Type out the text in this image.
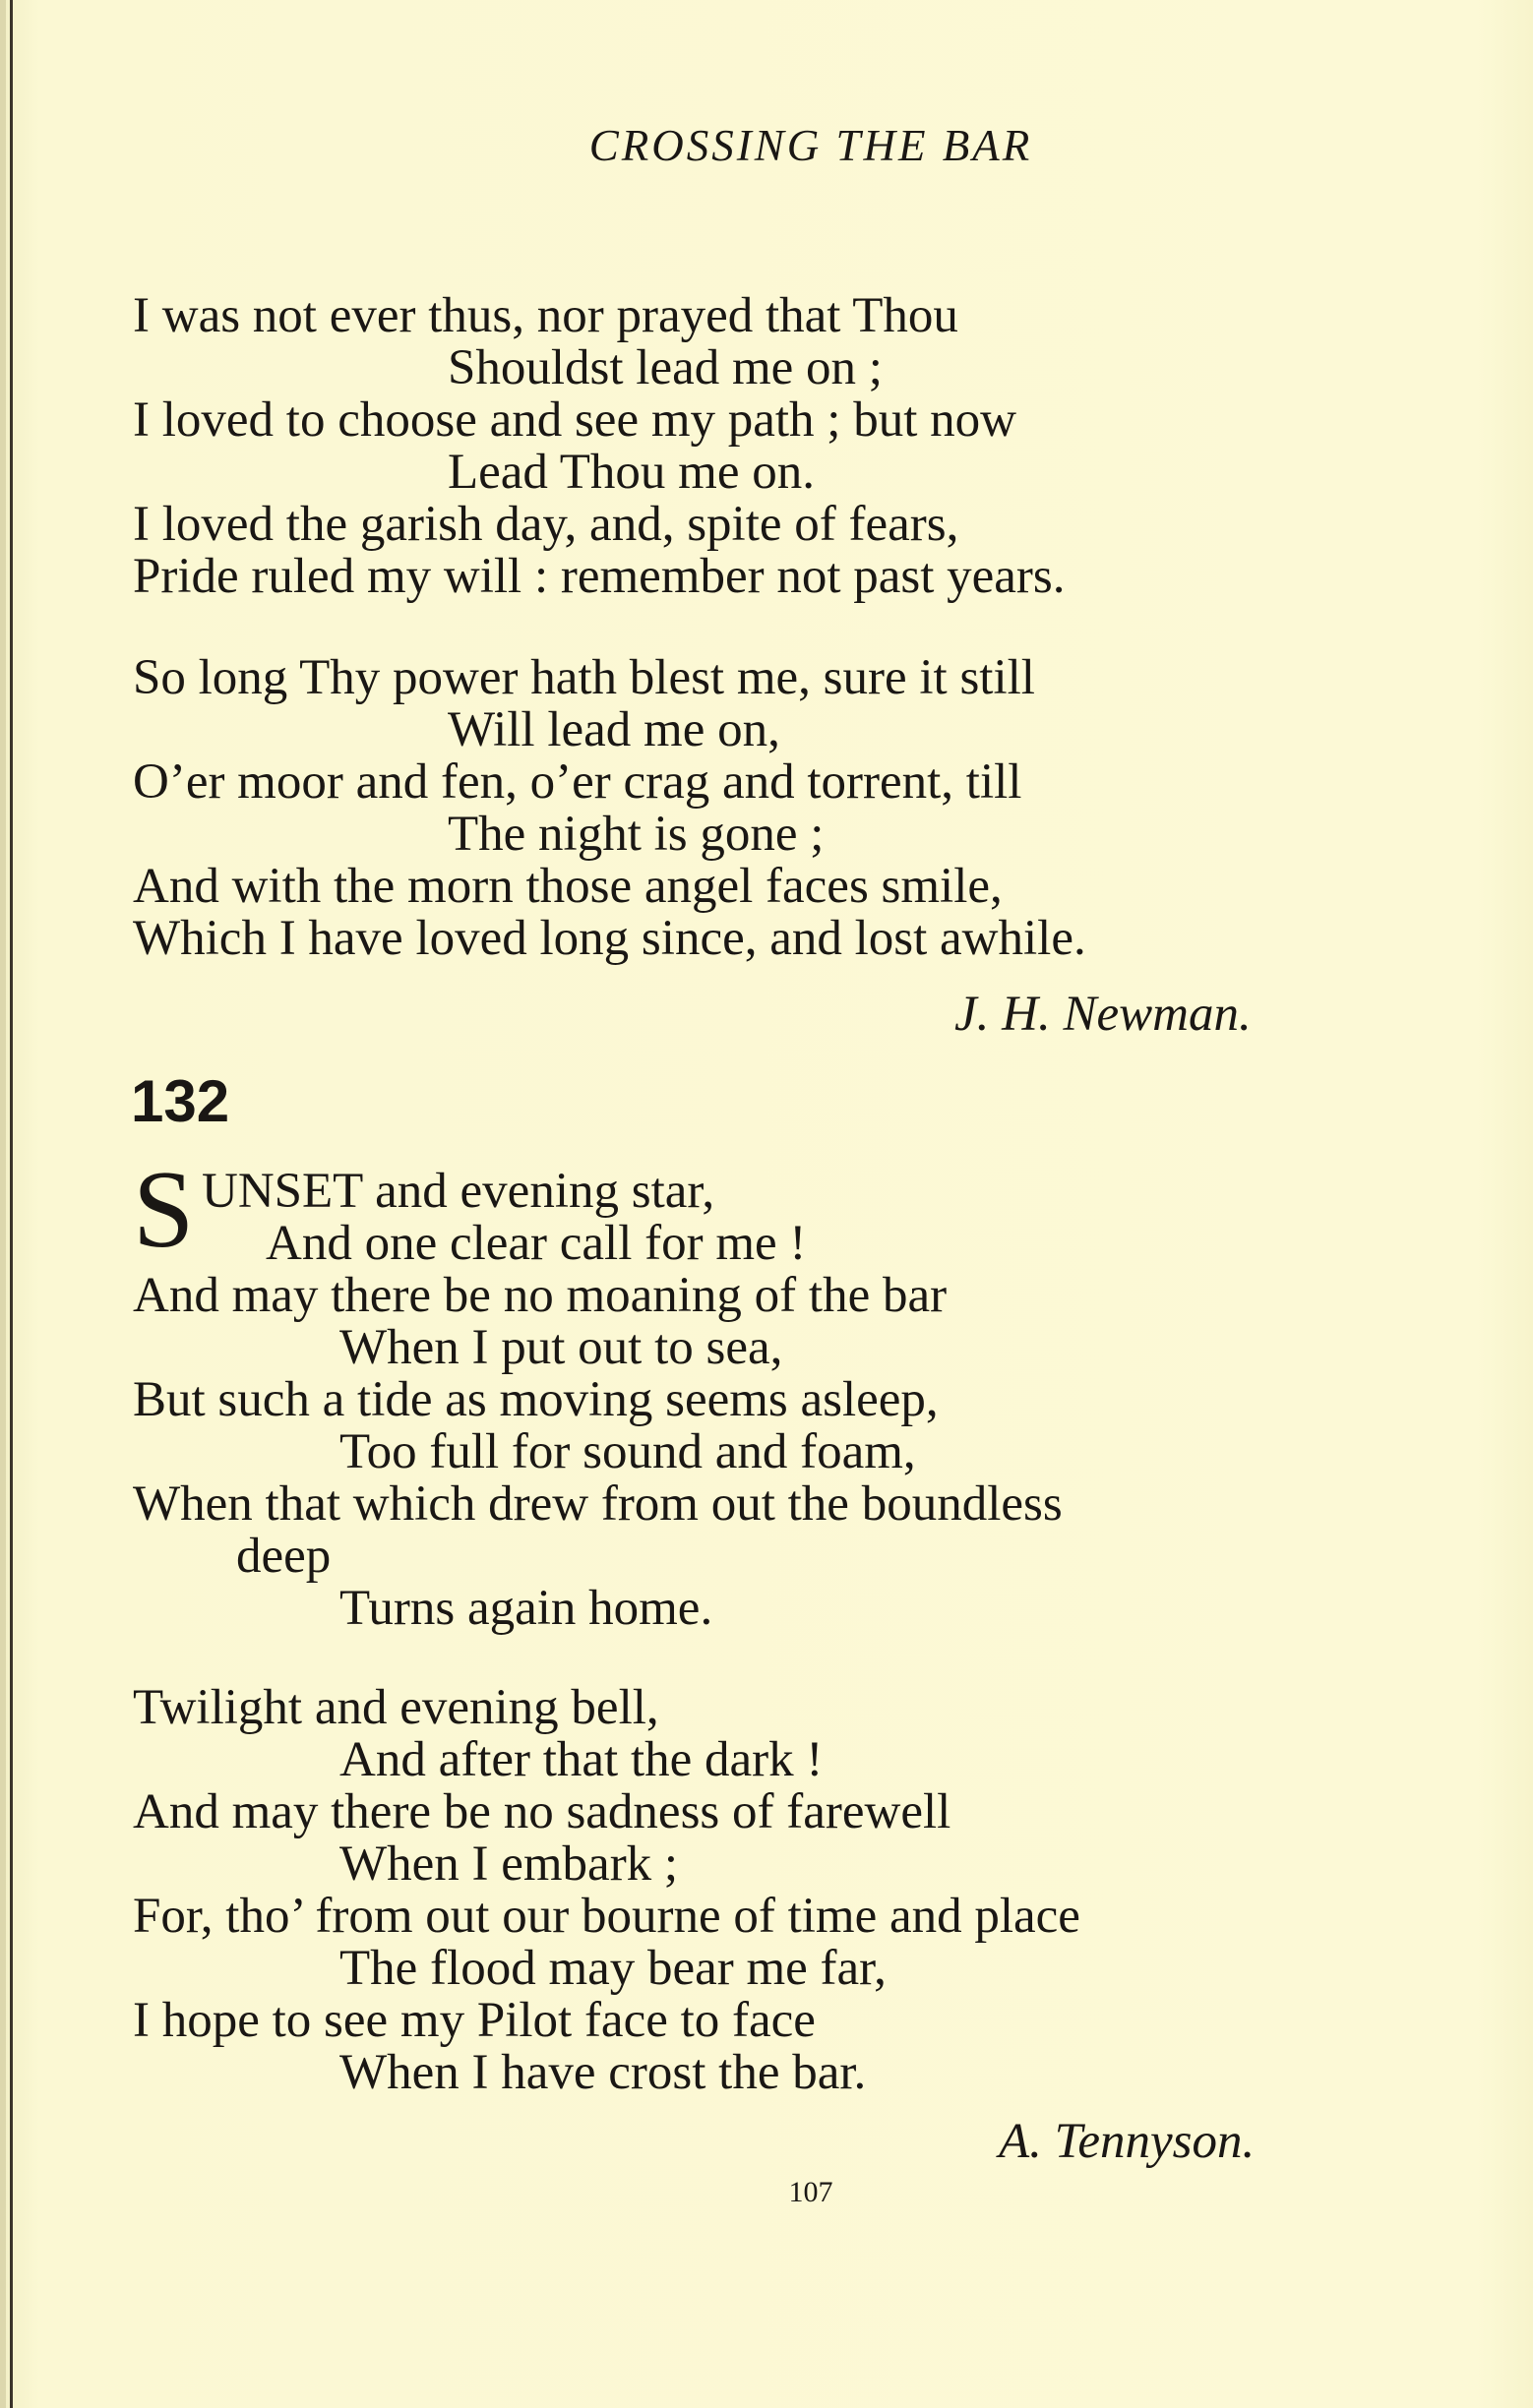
CROSSING THE BAR
I was not ever thus, nor prayed that Thou
Shouldst lead me on ;
I loved to choose and see my path ; but now
Lead Thou me on.
I loved the garish day, and, spite of fears,
Pride ruled my will : remember not past years.
So long Thy power hath blest me, sure it still
Will lead me on,
O’er moor and fen, o’er crag and torrent, till
The night is gone ;
And with the morn those angel faces smile,
Which I have loved long since, and lost awhile.
J. H. Newman.
132
S UNSET and evening star,
And one clear call for me !
And may there be no moaning of the bar
When I put out to sea,
But such a tide as moving seems asleep,
Too full for sound and foam,
When that which drew from out the boundless
deep
Turns again home.
Twilight and evening bell,
And after that the dark !
And may there be no sadness of farewell
When I embark ;
For, tho’ from out our bourne of time and place
The flood may bear me far,
I hope to see my Pilot face to face
When I have crost the bar.
A. Tennyson.
107
